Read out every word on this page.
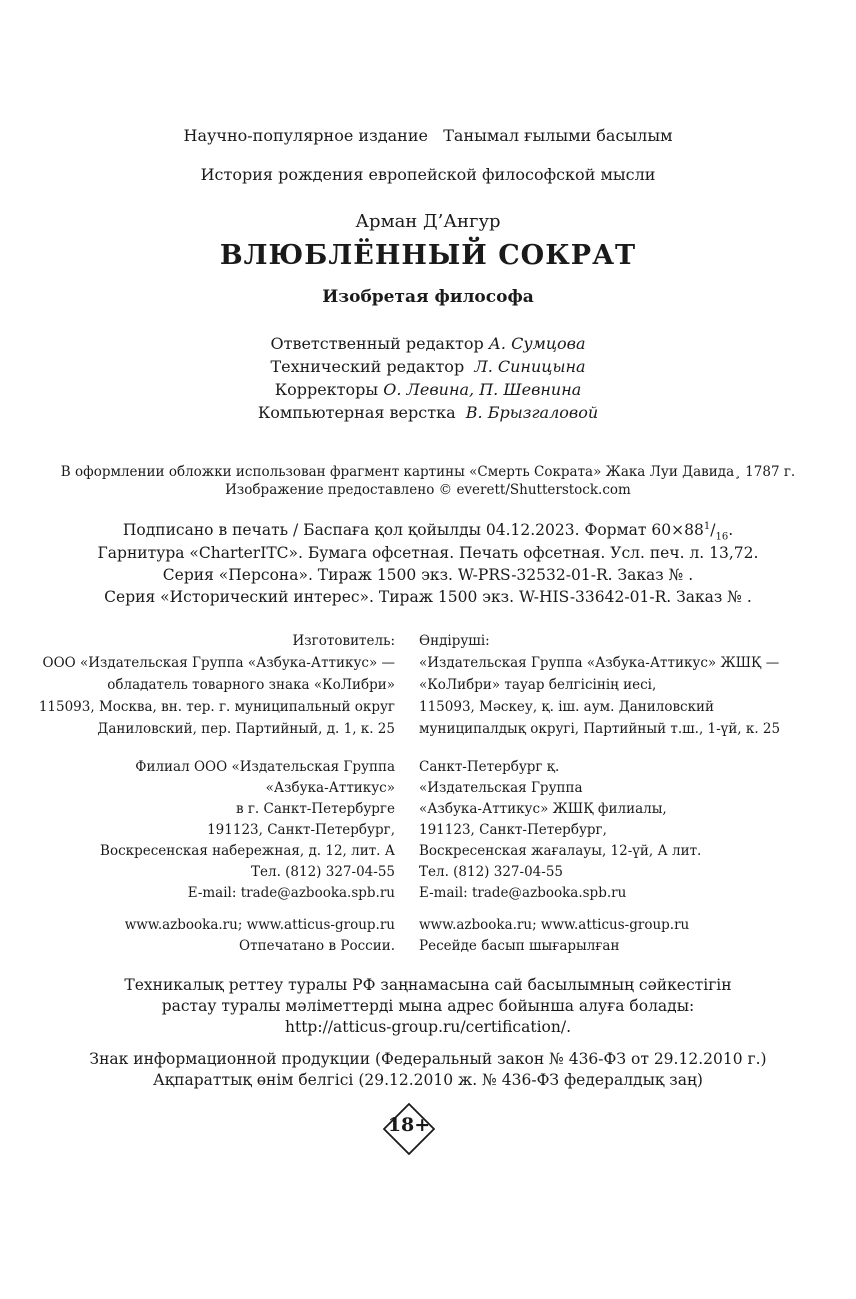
Научно-популярное издание Танымал ғылыми басылым
История рождения европейской философской мысли
Арман Д’Ангур
ВЛЮБЛЁННЫЙ СОКРАТ
Изобретая философа
Ответственный редактор А. Сумцова
Технический редактор Л. Синицына
Корректоры О. Левина, П. Шевнина
Компьютерная верстка В. Брызгаловой
В оформлении обложки использован фрагмент картины «Смерть Сократа» Жака Луи Давида¸ 1787 г.
Изображение предоставлено © everett/Shutterstock.com
Подписано в печать / Баспаға қол қойылды 04.12.2023. Формат $60\times 88^1/_{16}$.
Гарнитура «CharterITC». Бумага офсетная. Печать офсетная. Усл. печ. л. 13,72.
Серия «Персона». Тираж 1500 экз. W-PRS-32532-01-R. Заказ № .
Серия «Исторический интерес». Тираж 1500 экз. W-HIS-33642-01-R. Заказ № .
Изготовитель:
ООО «Издательская Группа «Азбука-Аттикус» —
обладатель товарного знака «КоЛибри»
115093, Москва, вн. тер. г. муниципальный округ
Даниловский, пер. Партийный, д. 1, к. 25
Өндіруші:
«Издательская Группа «Азбука-Аттикус» ЖШҚ —
«КоЛибри» тауар белгісінің иесі,
115093, Мәскеу, қ. іш. аум. Даниловский
муниципалдық округі, Партийный т.ш., 1-үй, к. 25
Филиал ООО «Издательская Группа
«Азбука-Аттикус»
в г. Санкт-Петербурге
191123, Санкт-Петербург,
Воскресенская набережная, д. 12, лит. А
Тел. (812) 327-04-55
E-mail: trade@azbooka.spb.ru
Санкт-Петербург қ.
«Издательская Группа
«Азбука-Аттикус» ЖШҚ филиалы,
191123, Санкт-Петербург,
Воскресенская жағалауы, 12-үй, А лит.
Тел. (812) 327-04-55
E-mail: trade@azbooka.spb.ru
www.azbooka.ru; www.atticus-group.ru
Отпечатано в России.
www.azbooka.ru; www.atticus-group.ru
Ресейде басып шығарылған
Техникалық реттеу туралы РФ заңнамасына сай басылымның сәйкестігін
растау туралы мәліметтерді мына адрес бойынша алуға болады:
http://atticus-group.ru/certification/.
Знак информационной продукции (Федеральный закон № 436-ФЗ от 29.12.2010 г.)
Ақпараттық өнім белгісі (29.12.2010 ж. № 436-ФЗ федералдық заң)
18+
